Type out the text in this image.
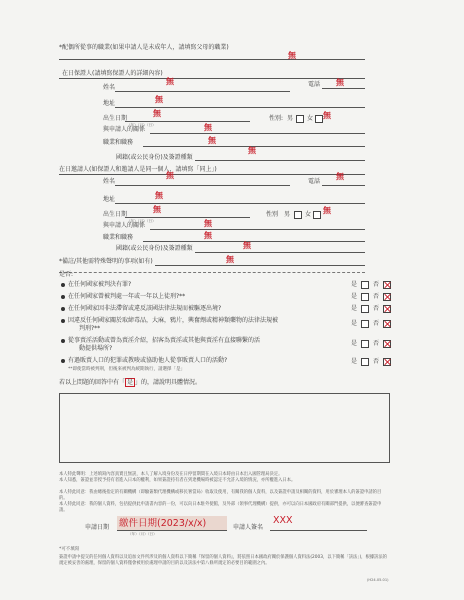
*配偶所從事的職業(如果申請人是未成年人，請填寫父母的職業)
無
在日保證人(請填寫保證人的詳細內容)
姓名
無	電話 無
地址	無
出生日期
無
（年）（月）（日）
性別: 男 女 無
與申請人的關係	無
職業和職務	無
國籍(或公民身份)及簽證種類
無
在日邀請人(如保證人和邀請人是同一個人，請填寫「同上」)
姓名
無
電話
無
地址	無
出生日期
無
（年）（月）（日）
性別 男 女 無
與申請人的關係	無
職業和職務	無
國籍(或公民身份)及簽證種類	無
*備註/其他需特殊聲明的事項(如有)	無
是否:
在任何國家被判決有罪?	是	否
在任何國家曾被判處一年或一年以上徒刑?**	是	否
在任何國家因非法滯留或違反該國法律法規而被驅逐出境?	是	否
因違反任何國家關於取締毒品，大麻，鴉片，興奮劑或精神類藥物的法律法規被
判刑?**
是	否
從事賣淫活動或曾為賣淫介紹，招客為賣淫或其他與賣淫有直接聯繫的活
動提供場所?
是	否
有過販賣人口的犯罪或教唆或協助他人從事販賣人口的活動?	是	否
**即使當時被判刑，但後來被判為緩期執行，請選擇「是」
若以上問題的回答中有「 是 」的，請說明具體情況。
本人特此聲明：上述填寫內容真實且無誤，本人了解入境身份及在日停留期間在入境日本時由日本出入國管理局決定。
本人知悉，簽證並非授予持有者進入日本的權利，如果簽證持有者在到達機場時被認定不允許入境的情況，亦所權進入日本。
本人特此同意：我由總後指定的有關機構（即驗簽類代理機構或移民署當局）收取及使用，有關我的個人資料，以及簽證申請及相關的資料，用於審理本人的簽證申請的目的。
本人特此同意：我的個人資料，包括提供此申請書內容的一份，可以向日本駐外使館，及外部（領事代理機構）提供，亦可以向日本國政府有關部門提供，以便審查簽證申請。
申請日期 繳件日期(2023/x/x)
（年）（月）（日）
申請人簽名
XXX
*可不填寫
簽證申請中提交的任何個人資料以及追加文件所涉及的個人資料以下簡稱『保留的個人資料』，將依照日本國政府關於保護個人資料法(2003，以下簡稱「該法」)，根據該法的規定被妥善的處理，保留的個人資料僅會被用於處理申請的目的以及該法中第八條所規定的必要目的範圍之內。
(H24.05.01)
